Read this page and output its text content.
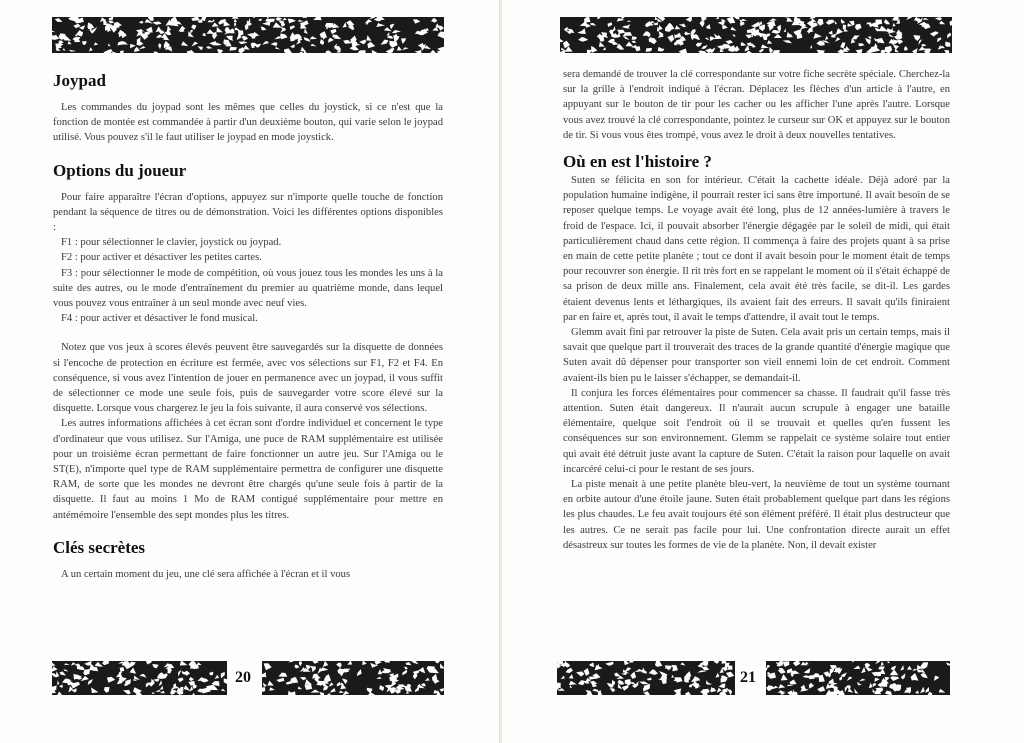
Joypad

Les commandes du joypad sont les mêmes que celles du joystick, si ce n'est que la fonction de montée est commandée à partir d'un deuxième bouton, qui varie selon le joypad utilisé. Vous pouvez s'il le faut utiliser le joypad en mode joystick.

Options du joueur

Pour faire apparaître l'écran d'options, appuyez sur n'importe quelle touche de fonction pendant la séquence de titres ou de démonstration. Voici les différentes options disponibles :

F1 : pour sélectionner le clavier, joystick ou joypad.

F2 : pour activer et désactiver les petites cartes.

F3 : pour sélectionner le mode de compétition, où vous jouez tous les mondes les uns à la suite des autres, ou le mode d'entraînement du premier au quatrième monde, dans lequel vous pouvez vous entraîner à un seul monde avec neuf vies.

F4 : pour activer et désactiver le fond musical.

Notez que vos jeux à scores élevés peuvent être sauvegardés sur la disquette de données si l'encoche de protection en écriture est fermée, avec vos sélections sur F1, F2 et F4. En conséquence, si vous avez l'intention de jouer en permanence avec un joypad, il vous suffit de sélectionner ce mode une seule fois, puis de sauvegarder votre score élevé sur la disquette. Lorsque vous chargerez le jeu la fois suivante, il aura conservé vos sélections.

Les autres informations affichées à cet écran sont d'ordre individuel et concernent le type d'ordinateur que vous utilisez. Sur l'Amiga, une puce de RAM supplémentaire est utilisée pour un troisième écran permettant de faire fonctionner un autre jeu. Sur l'Amiga ou le ST(E), n'importe quel type de RAM supplémentaire permettra de configurer une disquette RAM, de sorte que les mondes ne devront être chargés qu'une seule fois à partir de la disquette. Il faut au moins 1 Mo de RAM contigué supplémentaire pour mettre en antémémoire l'ensemble des sept mondes plus les titres.

Clés secrètes

A un certain moment du jeu, une clé sera affichée à l'écran et il vous

20

sera demandé de trouver la clé correspondante sur votre fiche secrète spéciale. Cherchez-la sur la grille à l'endroit indiqué à l'écran. Déplacez les flèches d'un article à l'autre, en appuyant sur le bouton de tir pour les cacher ou les afficher l'une après l'autre. Lorsque vous avez trouvé la clé correspondante, pointez le curseur sur OK et appuyez sur le bouton de tir. Si vous vous êtes trompé, vous avez le droit à deux nouvelles tentatives.

Où en est l'histoire ?

Suten se félicita en son for intérieur. C'était la cachette idéale. Déjà adoré par la population humaine indigène, il pourrait rester ici sans être importuné. Il avait besoin de se reposer quelque temps. Le voyage avait été long, plus de 12 années-lumière à travers le froid de l'espace. Ici, il pouvait absorber l'énergie dégagée par le soleil de midi, qui était particulièrement chaud dans cette région. Il commença à faire des projets quant à sa prise en main de cette petite planète ; tout ce dont il avait besoin pour le moment était de temps pour recouvrer son énergie. Il rit très fort en se rappelant le moment où il s'était échappé de sa prison de deux mille ans. Finalement, cela avait été très facile, se dit-il. Les gardes étaient devenus lents et léthargiques, ils avaient fait des erreurs. Il savait qu'ils finiraient par en faire et, après tout, il avait le temps d'attendre, il avait tout le temps.

Glemm avait fini par retrouver la piste de Suten. Cela avait pris un certain temps, mais il savait que quelque part il trouverait des traces de la grande quantité d'énergie magique que Suten avait dû dépenser pour transporter son vieil ennemi loin de cet endroit. Comment avaient-ils bien pu le laisser s'échapper, se demandait-il.

Il conjura les forces élémentaires pour commencer sa chasse. Il faudrait qu'il fasse très attention. Suten était dangereux. Il n'aurait aucun scrupule à engager une bataille élémentaire, quelque soit l'endroit où il se trouvait et quelles qu'en fussent les conséquences sur son environnement. Glemm se rappelait ce système solaire tout entier qui avait été détruit juste avant la capture de Suten. C'était la raison pour laquelle on avait incarcéré celui-ci pour le restant de ses jours.

La piste menait à une petite planète bleu-vert, la neuvième de tout un système tournant en orbite autour d'une étoile jaune. Suten était probablement quelque part dans les régions les plus chaudes. Le feu avait toujours été son élément préféré. Il était plus destructeur que les autres. Ce ne serait pas facile pour lui. Une confrontation directe aurait un effet désastreux sur toutes les formes de vie de la planète. Non, il devait exister

21
